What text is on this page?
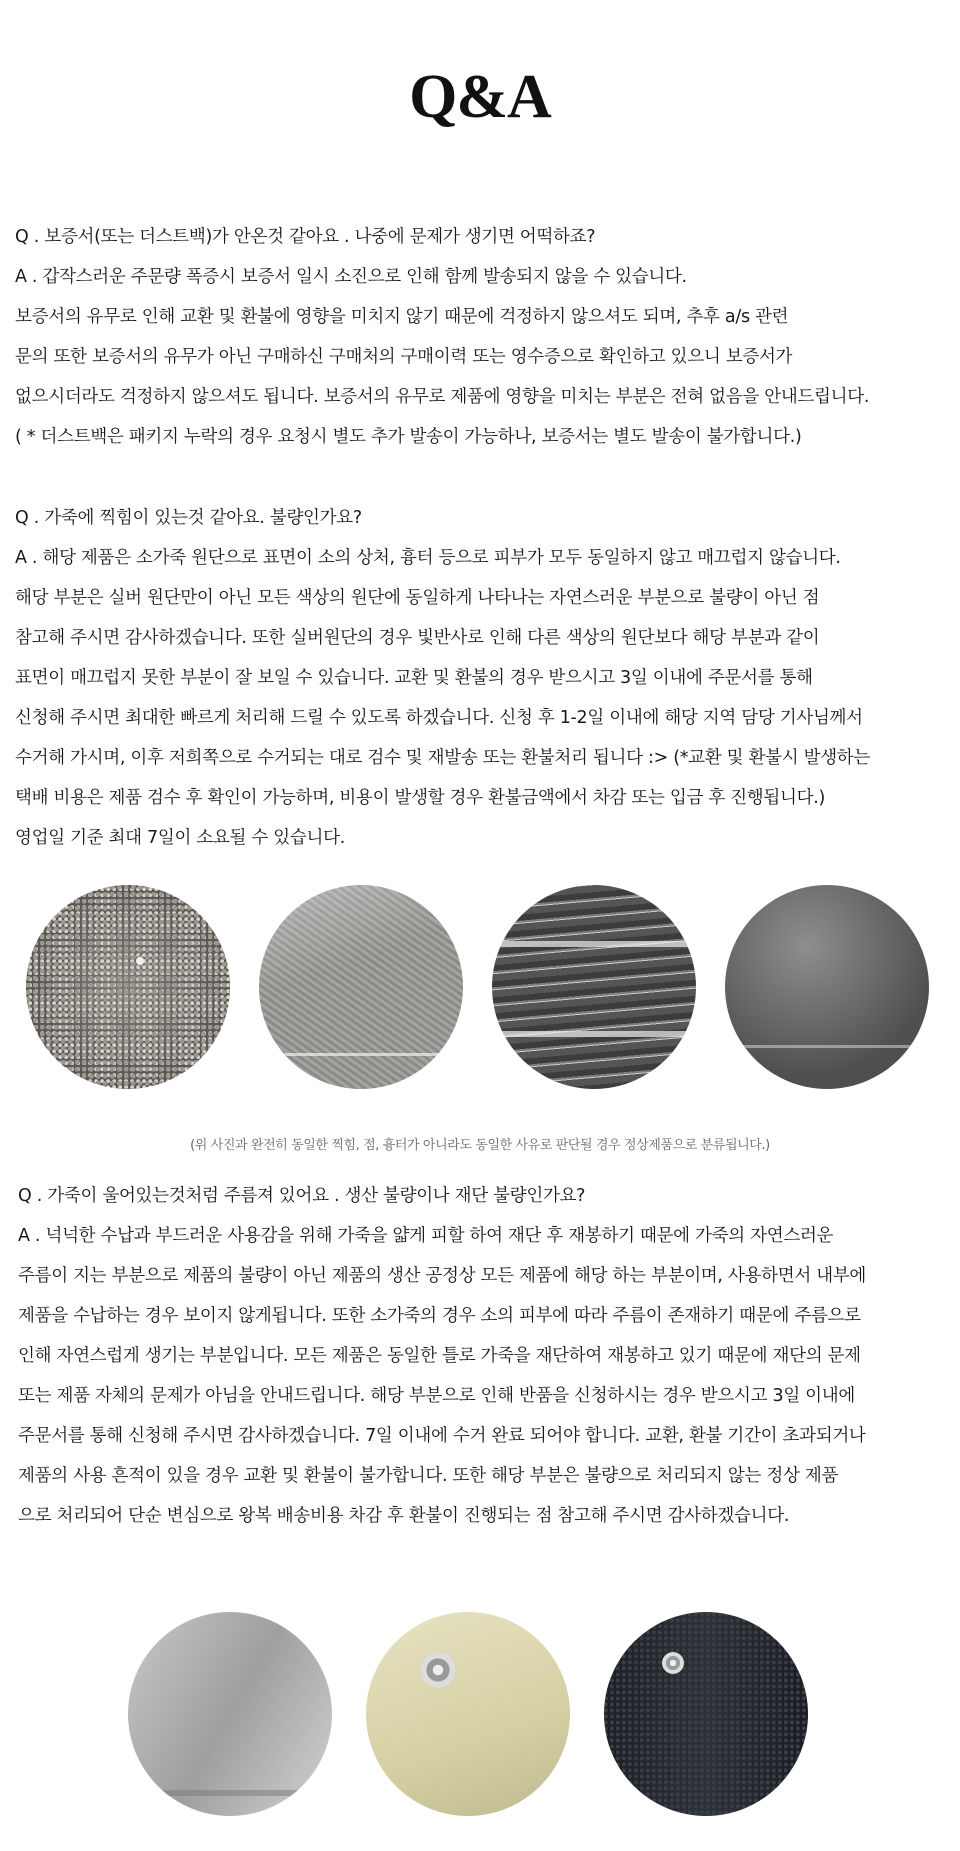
Q&A
Q . 보증서(또는 더스트백)가 안온것 같아요 . 나중에 문제가 생기면 어떡하죠?
A . 갑작스러운 주문량 폭증시 보증서 일시 소진으로 인해 함께 발송되지 않을 수 있습니다.
보증서의 유무로 인해 교환 및 환불에 영향을 미치지 않기 때문에 걱정하지 않으셔도 되며, 추후 a/s 관련
문의 또한 보증서의 유무가 아닌 구매하신 구매처의 구매이력 또는 영수증으로 확인하고 있으니 보증서가
없으시더라도 걱정하지 않으셔도 됩니다. 보증서의 유무로 제품에 영향을 미치는 부분은 전혀 없음을 안내드립니다.
( * 더스트백은 패키지 누락의 경우 요청시 별도 추가 발송이 가능하나, 보증서는 별도 발송이 불가합니다.)
Q . 가죽에 찍힘이 있는것 같아요. 불량인가요?
A . 해당 제품은 소가죽 원단으로 표면이 소의 상처, 흉터 등으로 피부가 모두 동일하지 않고 매끄럽지 않습니다.
해당 부분은 실버 원단만이 아닌 모든 색상의 원단에 동일하게 나타나는 자연스러운 부분으로 불량이 아닌 점
참고해 주시면 감사하겠습니다. 또한 실버원단의 경우 빛반사로 인해 다른 색상의 원단보다 해당 부분과 같이
표면이 매끄럽지 못한 부분이 잘 보일 수 있습니다. 교환 및 환불의 경우 받으시고 3일 이내에 주문서를 통해
신청해 주시면 최대한 빠르게 처리해 드릴 수 있도록 하겠습니다. 신청 후 1-2일 이내에 해당 지역 담당 기사님께서
수거해 가시며, 이후 저희쪽으로 수거되는 대로 검수 및 재발송 또는 환불처리 됩니다 :> (*교환 및 환불시 발생하는
택배 비용은 제품 검수 후 확인이 가능하며, 비용이 발생할 경우 환불금액에서 차감 또는 입금 후 진행됩니다.)
영업일 기준 최대 7일이 소요될 수 있습니다.
(위 사진과 완전히 동일한 찍힘, 점, 흉터가 아니라도 동일한 사유로 판단될 경우 정상제품으로 분류됩니다.)
Q . 가죽이 울어있는것처럼 주름져 있어요 . 생산 불량이나 재단 불량인가요?
A . 넉넉한 수납과 부드러운 사용감을 위해 가죽을 얇게 피할 하여 재단 후 재봉하기 때문에 가죽의 자연스러운
주름이 지는 부분으로 제품의 불량이 아닌 제품의 생산 공정상 모든 제품에 해당 하는 부분이며, 사용하면서 내부에
제품을 수납하는 경우 보이지 않게됩니다. 또한 소가죽의 경우 소의 피부에 따라 주름이 존재하기 때문에 주름으로
인해 자연스럽게 생기는 부분입니다. 모든 제품은 동일한 틀로 가죽을 재단하여 재봉하고 있기 때문에 재단의 문제
또는 제품 자체의 문제가 아님을 안내드립니다. 해당 부분으로 인해 반품을 신청하시는 경우 받으시고 3일 이내에
주문서를 통해 신청해 주시면 감사하겠습니다. 7일 이내에 수거 완료 되어야 합니다. 교환, 환불 기간이 초과되거나
제품의 사용 흔적이 있을 경우 교환 및 환불이 불가합니다. 또한 해당 부분은 불량으로 처리되지 않는 정상 제품
으로 처리되어 단순 변심으로 왕복 배송비용 차감 후 환불이 진행되는 점 참고해 주시면 감사하겠습니다.
